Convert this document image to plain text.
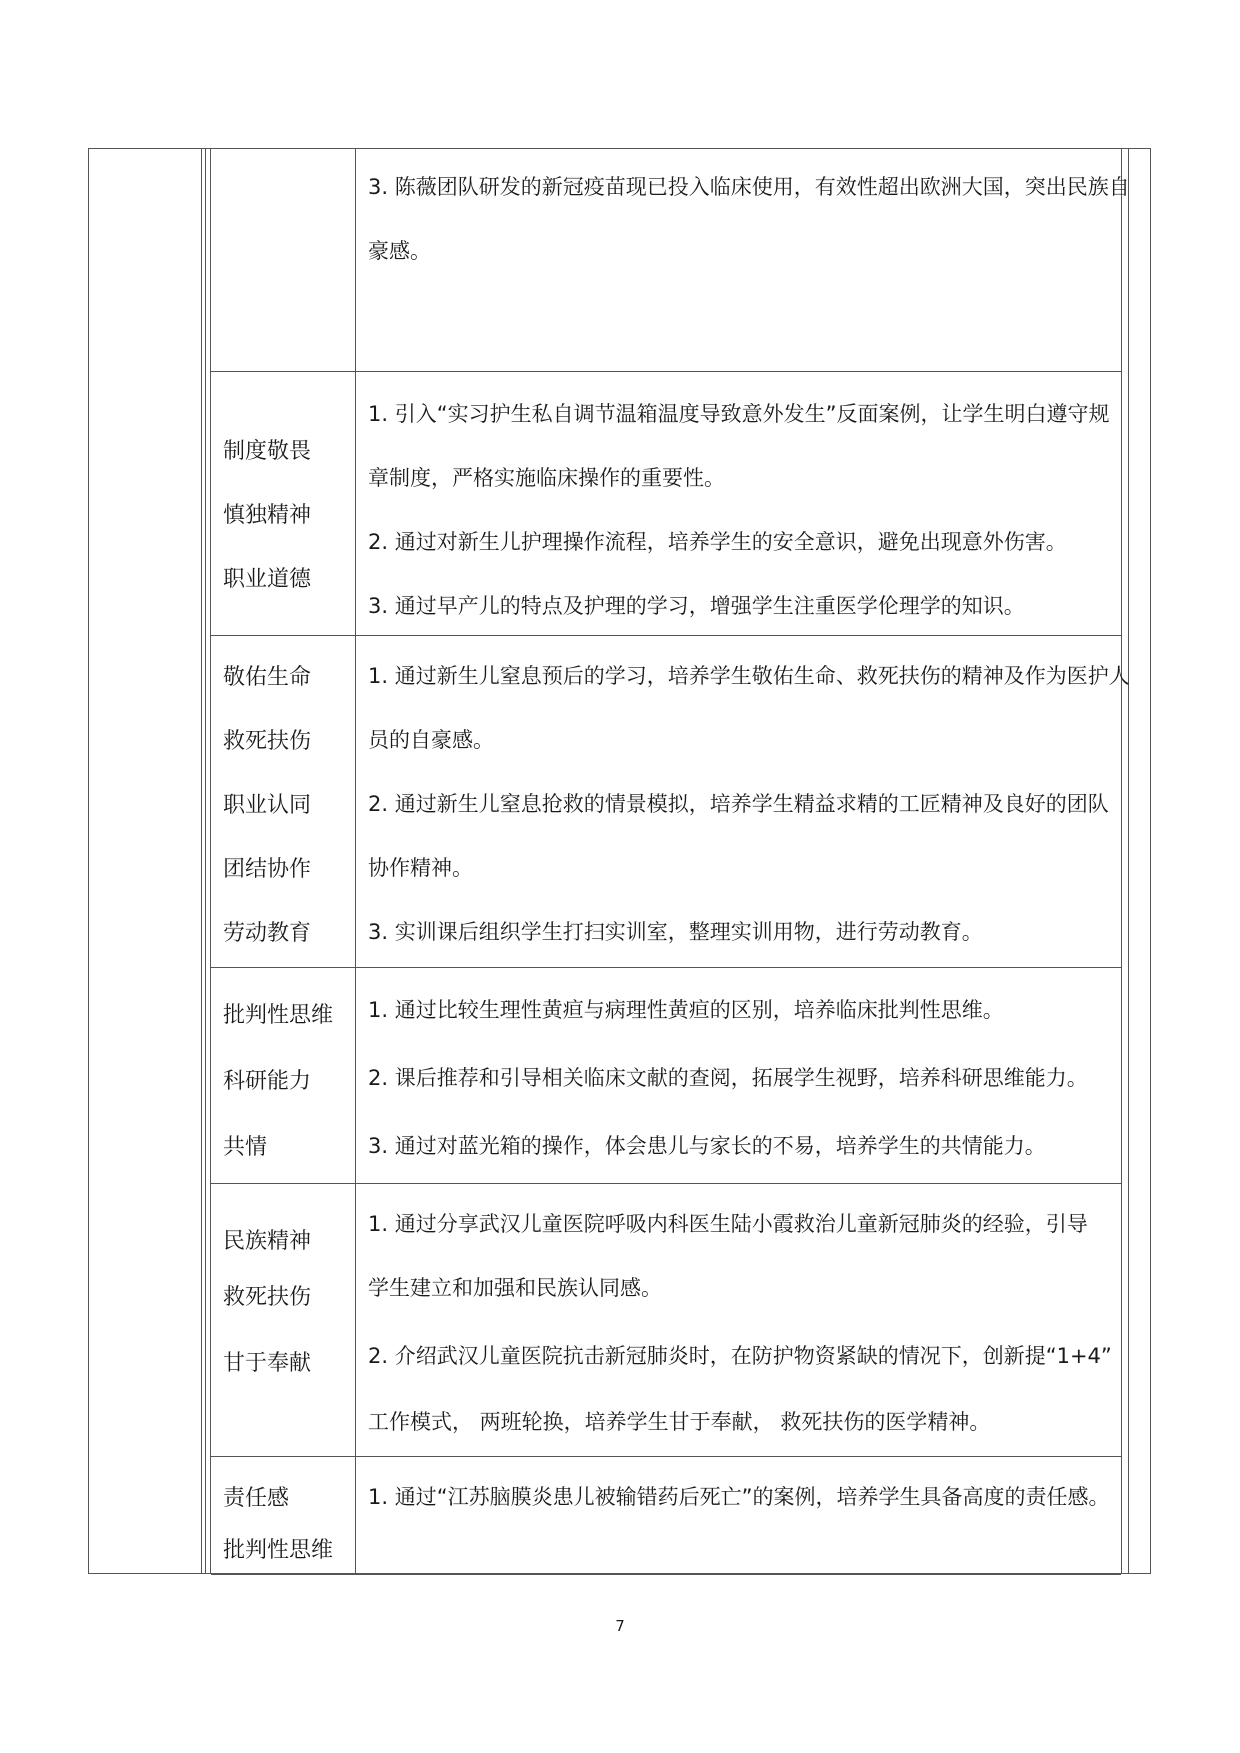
3. 陈薇团队研发的新冠疫苗现已投入临床使用，有效性超出欧洲大国，突出民族自
豪感。
制度敬畏
慎独精神
职业道德
1. 引入“实习护生私自调节温箱温度导致意外发生”反面案例，让学生明白遵守规
章制度，严格实施临床操作的重要性。
2. 通过对新生儿护理操作流程，培养学生的安全意识，避免出现意外伤害。
3. 通过早产儿的特点及护理的学习，增强学生注重医学伦理学的知识。
敬佑生命
救死扶伤
职业认同
团结协作
劳动教育
1. 通过新生儿窒息预后的学习，培养学生敬佑生命、救死扶伤的精神及作为医护人
员的自豪感。
2. 通过新生儿窒息抢救的情景模拟，培养学生精益求精的工匠精神及良好的团队
协作精神。
3. 实训课后组织学生打扫实训室，整理实训用物，进行劳动教育。
批判性思维
科研能力
共情
1. 通过比较生理性黄疸与病理性黄疸的区别，培养临床批判性思维。
2. 课后推荐和引导相关临床文献的查阅，拓展学生视野，培养科研思维能力。
3. 通过对蓝光箱的操作，体会患儿与家长的不易，培养学生的共情能力。
民族精神
救死扶伤
甘于奉献
1. 通过分享武汉儿童医院呼吸内科医生陆小霞救治儿童新冠肺炎的经验，引导
学生建立和加强和民族认同感。
2. 介绍武汉儿童医院抗击新冠肺炎时，在防护物资紧缺的情况下，创新提“1+4”
工作模式， 两班轮换，培养学生甘于奉献， 救死扶伤的医学精神。
责任感
批判性思维
1. 通过“江苏脑膜炎患儿被输错药后死亡”的案例，培养学生具备高度的责任感。
7
